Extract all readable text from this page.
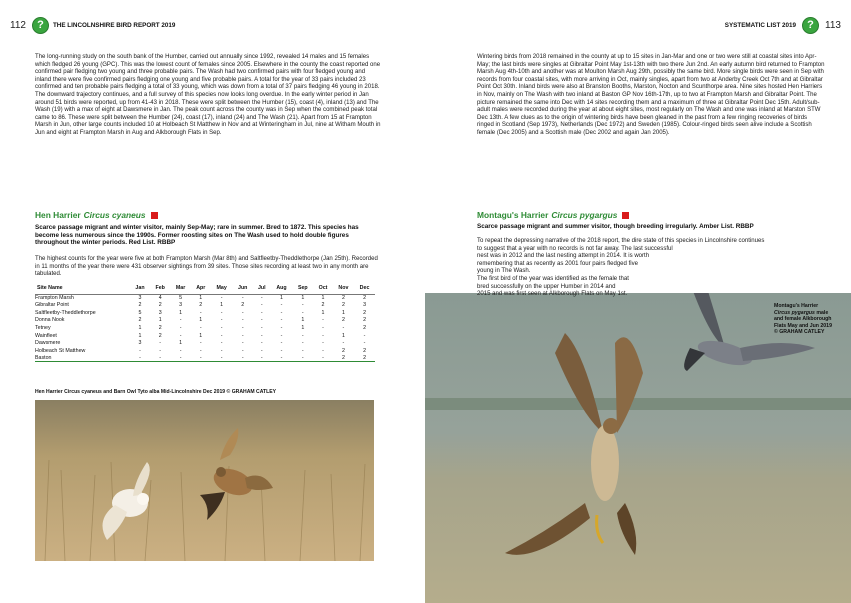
112	?	THE LINCOLNSHIRE BIRD REPORT 2019
The long-running study on the south bank of the Humber, carried out annually since 1992, revealed 14 males and 15 females which fledged 26 young (GPC). This was the lowest count of females since 2005. Elsewhere in the county the coast reported one confirmed pair fledging two young and three probable pairs. The Wash had two confirmed pairs with four fledged young and inland there were five confirmed pairs fledging one young and five probable pairs. A total for the year of 33 pairs included 23 confirmed and ten probable pairs fledging a total of 33 young, which was down from a total of 37 pairs fledging 46 young in 2018. The downward trajectory continues, and a full survey of this species now looks long overdue. In the early winter period in Jan around 51 birds were reported, up from 41-43 in 2018. These were split between the Humber (15), coast (4), inland (13) and The Wash (19) with a max of eight at Dawsmere in Jan. The peak count across the county was in Sep when the combined peak total came to 86. These were split between the Humber (24), coast (17), inland (24) and The Wash (21). Apart from 15 at Frampton Marsh in Jun, other large counts included 10 at Holbeach St Matthew in Nov and at Winteringham in Jul, nine at Witham Mouth in Jun and eight at Frampton Marsh in Aug and Alkborough Flats in Sep.
Hen Harrier Circus cyaneus
Scarce passage migrant and winter visitor, mainly Sep-May; rare in summer. Bred to 1872. This species has become less numerous since the 1990s. Former roosting sites on The Wash used to hold double figures throughout the winter periods. Red List. RBBP
The highest counts for the year were five at both Frampton Marsh (Mar 8th) and Saltfleetby-Theddlethorpe (Jan 25th). Recorded in 11 months of the year there were 431 observer sightings from 39 sites. Those sites recording at least two in any month are tabulated.
Site Name	Jan	Feb	Mar	Apr	May	Jun	Jul	Aug	Sep	Oct	Nov	Dec
Frampton Marsh	3	4	5	1	-	-	-	1	1	1	2	2
Gibraltar Point	2	2	3	2	1	2	-	-	-	2	2	3
Saltfleetby-Theddlethorpe	5	3	1	-	-	-	-	-	-	1	1	2
Donna Nook	2	1	-	1	-	-	-	-	1	-	2	2
Tetney	1	2	-	-	-	-	-	-	1	-	-	2
Wainfleet	1	2	-	1	-	-	-	-	-	-	1	-
Dawsmere	3	-	1	-	-	-	-	-	-	-	-	-
Holbeach St Matthew	-	-	-	-	-	-	-	-	-	-	2	2
Baston	-	-	-	-	-	-	-	-	-	-	2	2
Hen Harrier Circus cyaneus and Barn Owl Tyto alba Mid-Lincolnshire Dec 2019 © GRAHAM CATLEY
SYSTEMATIC LIST 2019	?	113
Wintering birds from 2018 remained in the county at up to 15 sites in Jan-Mar and one or two were still at coastal sites into Apr-May; the last birds were singles at Gibraltar Point May 1st-13th with two there Jun 2nd. An early autumn bird returned to Frampton Marsh Aug 4th-10th and another was at Moulton Marsh Aug 29th, possibly the same bird. More single birds were seen in Sep with records from four coastal sites, with more arriving in Oct, mainly singles, apart from two at Anderby Creek Oct 7th and at Gibraltar Point Oct 30th. Inland birds were also at Branston Booths, Marston, Nocton and Scunthorpe area. Nine sites hosted Hen Harriers in Nov, mainly on The Wash with two inland at Baston GP Nov 16th-17th, up to two at Frampton Marsh and Gibraltar Point. The picture remained the same into Dec with 14 sites recording them and a maximum of three at Gibraltar Point Dec 15th. Adult/sub-adult males were recorded during the year at about eight sites, most regularly on The Wash and one was inland at Marston STW Dec 13th. A few clues as to the origin of wintering birds have been gleaned in the past from a few ringing recoveries of birds ringed in Scotland (Sep 1973), Netherlands (Dec 1972) and Sweden (1985). Colour-ringed birds seen alive include a Scottish female (Dec 2005) and a Scottish male (Dec 2002 and again Jan 2005).
Montagu's Harrier Circus pygargus
Scarce passage migrant and summer visitor, though breeding irregularly. Amber List. RBBP
To repeat the depressing narrative of the 2018 report, the dire state of this species in Lincolnshire continues
to suggest that a year with no records is not far away. The last successful
nest was in 2012 and the last nesting attempt in 2014. It is worth
remembering that as recently as 2001 four pairs fledged five
young in The Wash.
The first bird of the year was identified as the female that
bred successfully on the upper Humber in 2014 and
2015 and was first seen at Alkborough Flats on May 1st.
Montagu's Harrier
Circus pygargus male
and female Alkborough
Flats May and Jun 2019
© GRAHAM CATLEY
